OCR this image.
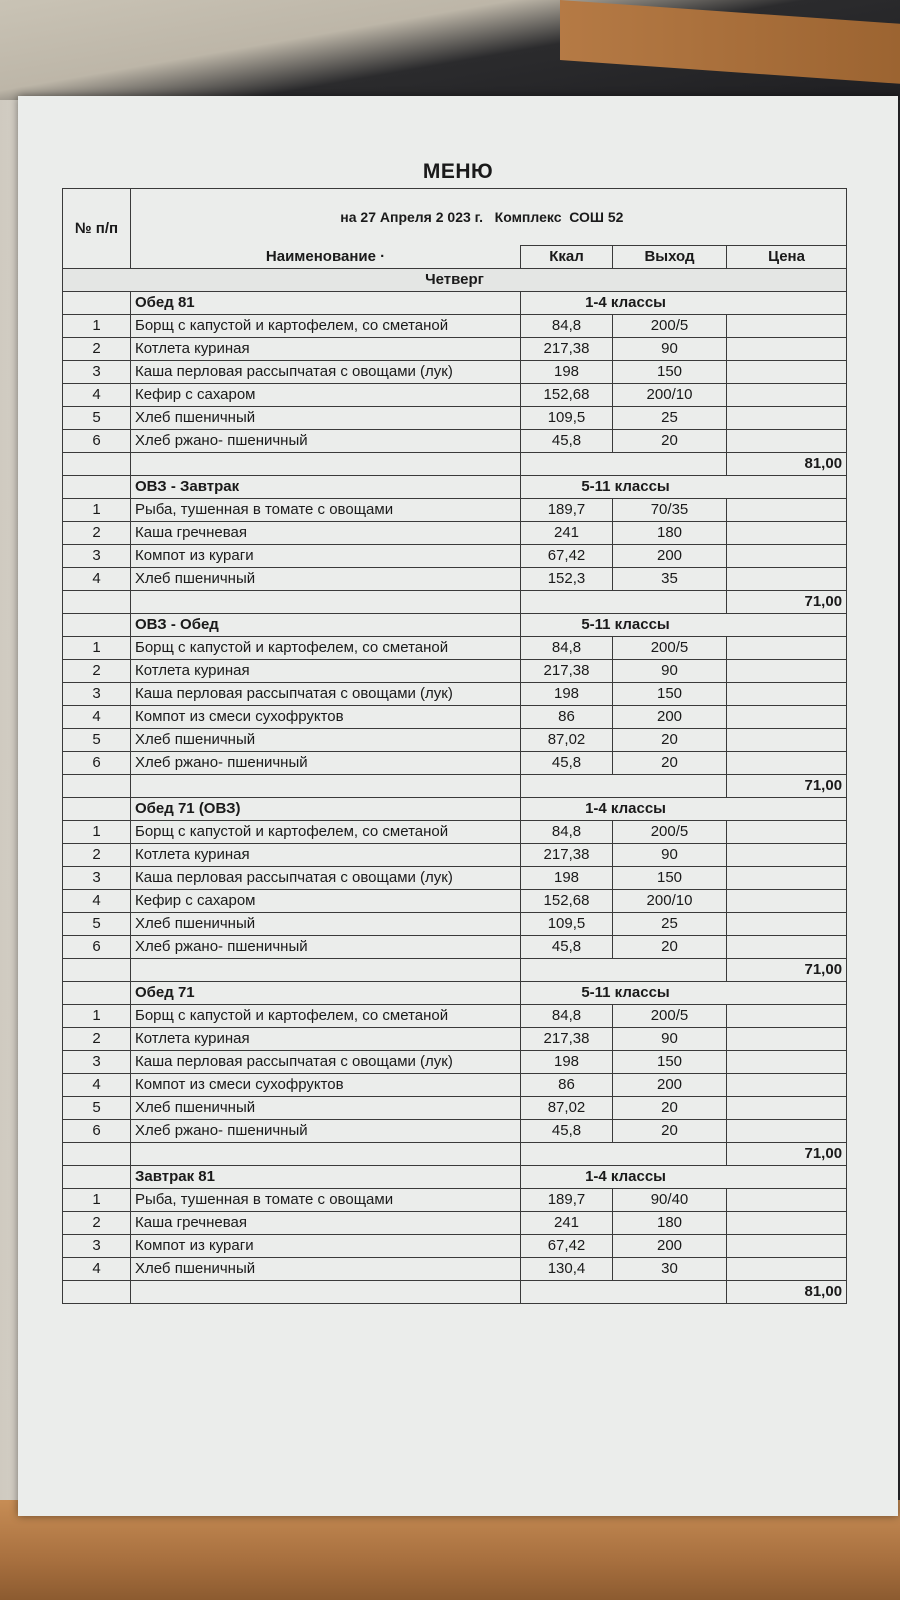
МЕНЮ
№ п/п	на 27 Апреля 2 023 г. Комплекс  СОШ 52			

	Наименование ·	Ккал	Выход	Цена
Четверг				
	Обед 81	1-4 классы		
1	Борщ с капустой и картофелем, со сметаной	84,8	200/5	
2	Котлета куриная	217,38	90	
3	Каша перловая рассыпчатая с овощами (лук)	198	150	
4	Кефир с сахаром	152,68	200/10	
5	Хлеб пшеничный	109,5	25	
6	Хлеб ржано- пшеничный	45,8	20	
				81,00
	ОВЗ - Завтрак	5-11 классы		
1	Рыба, тушенная в томате с овощами	189,7	70/35	
2	Каша гречневая	241	180	
3	Компот из кураги	67,42	200	
4	Хлеб пшеничный	152,3	35	
				71,00
	ОВЗ - Обед	5-11 классы		
1	Борщ с капустой и картофелем, со сметаной	84,8	200/5	
2	Котлета куриная	217,38	90	
3	Каша перловая рассыпчатая с овощами (лук)	198	150	
4	Компот из смеси сухофруктов	86	200	
5	Хлеб пшеничный	87,02	20	
6	Хлеб ржано- пшеничный	45,8	20	
				71,00
	Обед 71 (ОВЗ)	1-4 классы		
1	Борщ с капустой и картофелем, со сметаной	84,8	200/5	
2	Котлета куриная	217,38	90	
3	Каша перловая рассыпчатая с овощами (лук)	198	150	
4	Кефир с сахаром	152,68	200/10	
5	Хлеб пшеничный	109,5	25	
6	Хлеб ржано- пшеничный	45,8	20	
				71,00
	Обед 71	5-11 классы		
1	Борщ с капустой и картофелем, со сметаной	84,8	200/5	
2	Котлета куриная	217,38	90	
3	Каша перловая рассыпчатая с овощами (лук)	198	150	
4	Компот из смеси сухофруктов	86	200	
5	Хлеб пшеничный	87,02	20	
6	Хлеб ржано- пшеничный	45,8	20	
				71,00
	Завтрак 81	1-4 классы		
1	Рыба, тушенная в томате с овощами	189,7	90/40	
2	Каша гречневая	241	180	
3	Компот из кураги	67,42	200	
4	Хлеб пшеничный	130,4	30	
				81,00
